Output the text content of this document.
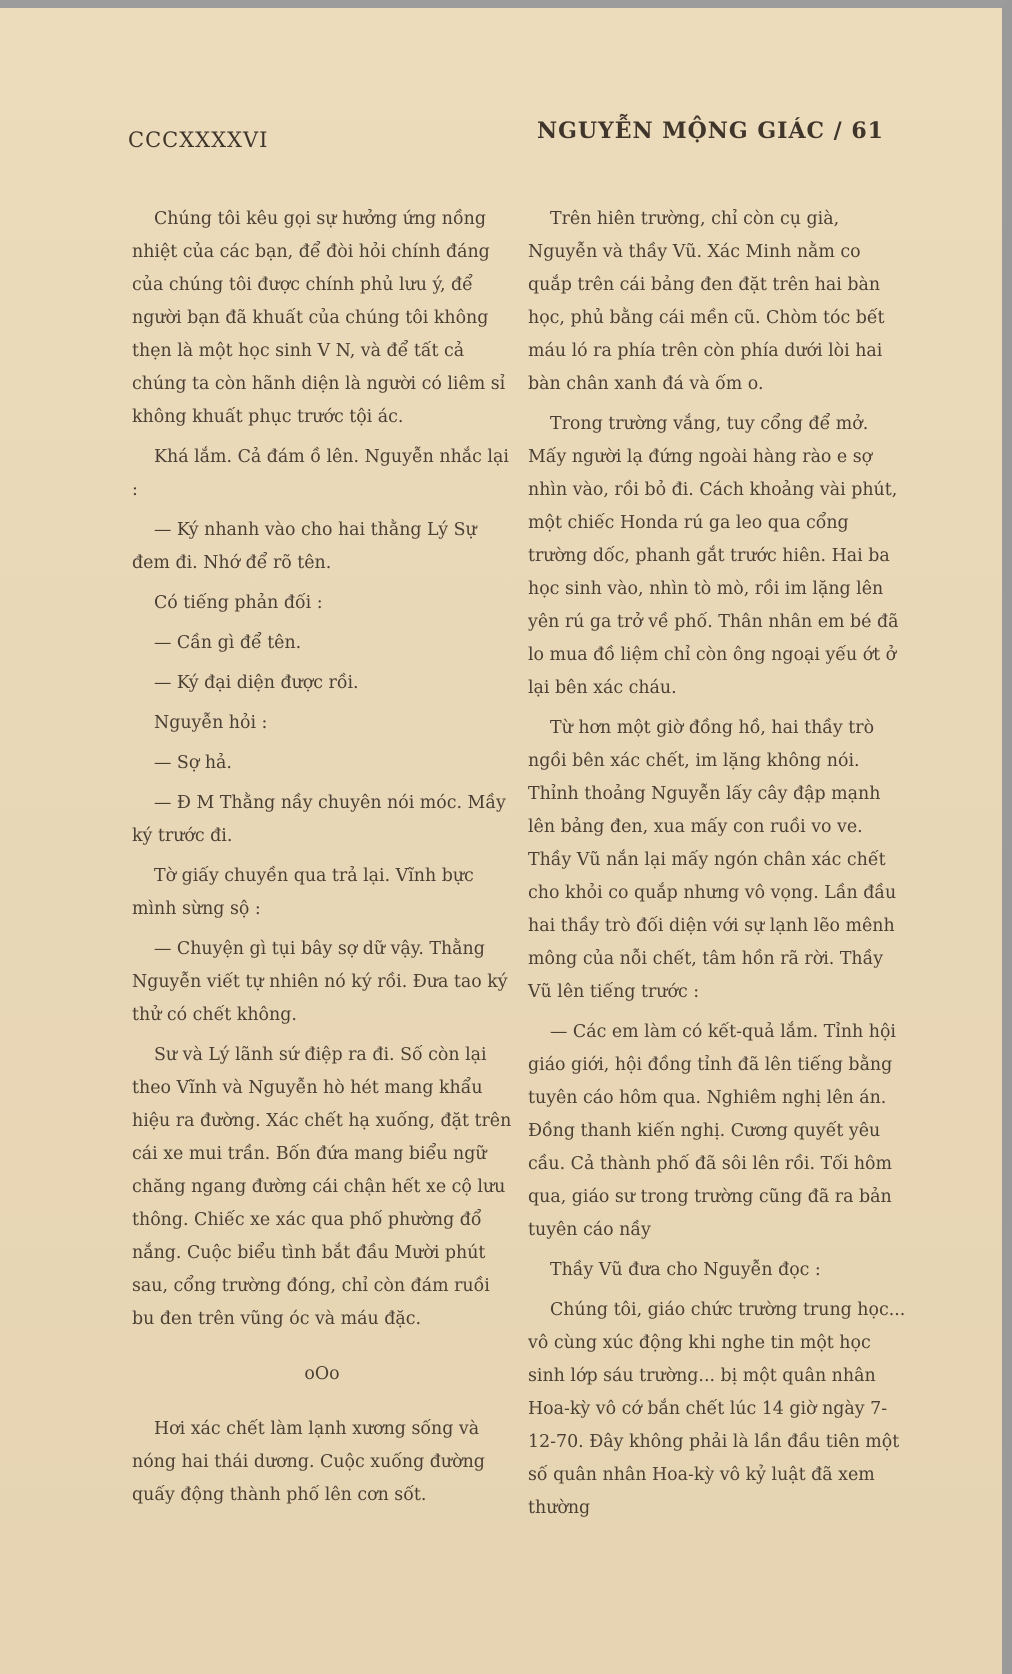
CCCXXXXVI	NGUYỄN MỘNG GIÁC / 61

Chúng tôi kêu gọi sự hưởng ứng nồng nhiệt của các bạn, để đòi hỏi chính đáng của chúng tôi được chính phủ lưu ý, để người bạn đã khuất của chúng tôi không thẹn là một học sinh V N, và để tất cả chúng ta còn hãnh diện là người có liêm sỉ không khuất phục trước tội ác.

Khá lắm. Cả đám ồ lên. Nguyễn nhắc lại :

— Ký nhanh vào cho hai thằng Lý Sự đem đi. Nhớ để rõ tên.

Có tiếng phản đối :

— Cần gì để tên.

— Ký đại diện được rồi.

Nguyễn hỏi :

— Sợ hả.

— Đ M Thằng nầy chuyên nói móc. Mầy ký trước đi.

Tờ giấy chuyền qua trả lại. Vĩnh bực mình sừng sộ :

— Chuyện gì tụi bây sợ dữ vậy. Thằng Nguyễn viết tự nhiên nó ký rồi. Đưa tao ký thử có chết không.

Sư và Lý lãnh sứ điệp ra đi. Số còn lại theo Vĩnh và Nguyễn hò hét mang khẩu hiệu ra đường. Xác chết hạ xuống, đặt trên cái xe mui trần. Bốn đứa mang biểu ngữ chăng ngang đường cái chận hết xe cộ lưu thông. Chiếc xe xác qua phố phường đổ nắng. Cuộc biểu tình bắt đầu Mười phút sau, cổng trường đóng, chỉ còn đám ruồi bu đen trên vũng óc và máu đặc.

oOo

Hơi xác chết làm lạnh xương sống và nóng hai thái dương. Cuộc xuống đường quấy động thành phố lên cơn sốt.

Trên hiên trường, chỉ còn cụ già, Nguyễn và thầy Vũ. Xác Minh nằm co quắp trên cái bảng đen đặt trên hai bàn học, phủ bằng cái mền cũ. Chòm tóc bết máu ló ra phía trên còn phía dưới lòi hai bàn chân xanh đá và ốm o.

Trong trường vắng, tuy cổng để mở. Mấy người lạ đứng ngoài hàng rào e sợ nhìn vào, rồi bỏ đi. Cách khoảng vài phút, một chiếc Honda rú ga leo qua cổng trường dốc, phanh gắt trước hiên. Hai ba học sinh vào, nhìn tò mò, rồi im lặng lên yên rú ga trở về phố. Thân nhân em bé đã lo mua đồ liệm chỉ còn ông ngoại yếu ớt ở lại bên xác cháu.

Từ hơn một giờ đồng hồ, hai thầy trò ngồi bên xác chết, im lặng không nói. Thỉnh thoảng Nguyễn lấy cây đập mạnh lên bảng đen, xua mấy con ruồi vo ve. Thầy Vũ nắn lại mấy ngón chân xác chết cho khỏi co quắp nhưng vô vọng. Lần đầu hai thầy trò đối diện với sự lạnh lẽo mênh mông của nỗi chết, tâm hồn rã rời. Thầy Vũ lên tiếng trước :

— Các em làm có kết-quả lắm. Tỉnh hội giáo giới, hội đồng tỉnh đã lên tiếng bằng tuyên cáo hôm qua. Nghiêm nghị lên án. Đồng thanh kiến nghị. Cương quyết yêu cầu. Cả thành phố đã sôi lên rồi. Tối hôm qua, giáo sư trong trường cũng đã ra bản tuyên cáo nầy

Thầy Vũ đưa cho Nguyễn đọc :

Chúng tôi, giáo chức trường trung học... vô cùng xúc động khi nghe tin một học sinh lớp sáu trường... bị một quân nhân Hoa-kỳ vô cớ bắn chết lúc 14 giờ ngày 7-12-70. Đây không phải là lần đầu tiên một số quân nhân Hoa-kỳ vô kỷ luật đã xem thường
